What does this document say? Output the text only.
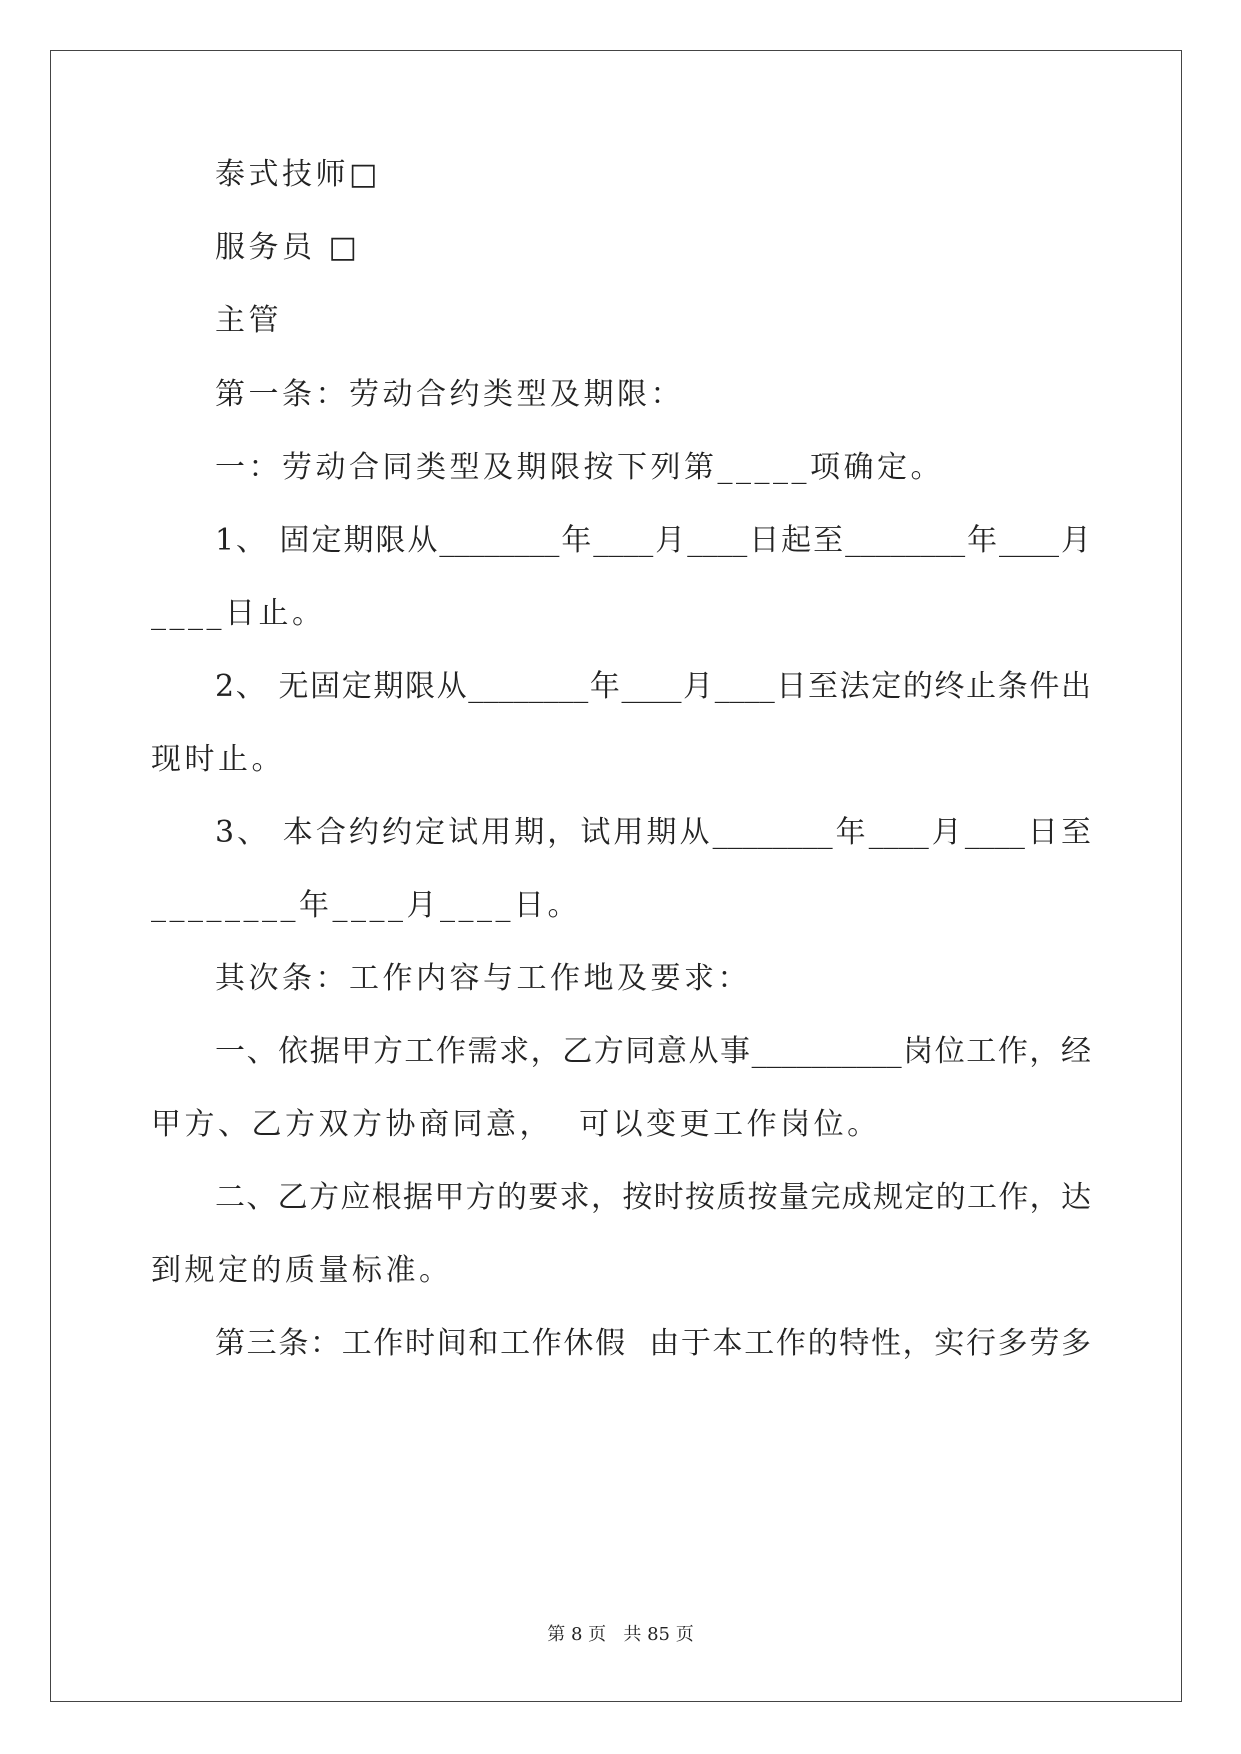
泰式技师□
服务员 □
主管
第一条：劳动合约类型及期限：
一：劳动合同类型及期限按下列第_____项确定。
1、 固定期限从________年____月____日起至________年____月
____日止。
2、 无固定期限从________年____月____日至法定的终止条件出
现时止。
3、 本合约约定试用期，试用期从________年____月____日至
________年____月____日。
其次条：工作内容与工作地及要求：
一、依据甲方工作需求，乙方同意从事__________岗位工作，经
甲方、乙方双方协商同意，  可以变更工作岗位。
二、乙方应根据甲方的要求，按时按质按量完成规定的工作，达
到规定的质量标准。
第三条：工作时间和工作休假  由于本工作的特性，实行多劳多
第 8 页   共 85 页
